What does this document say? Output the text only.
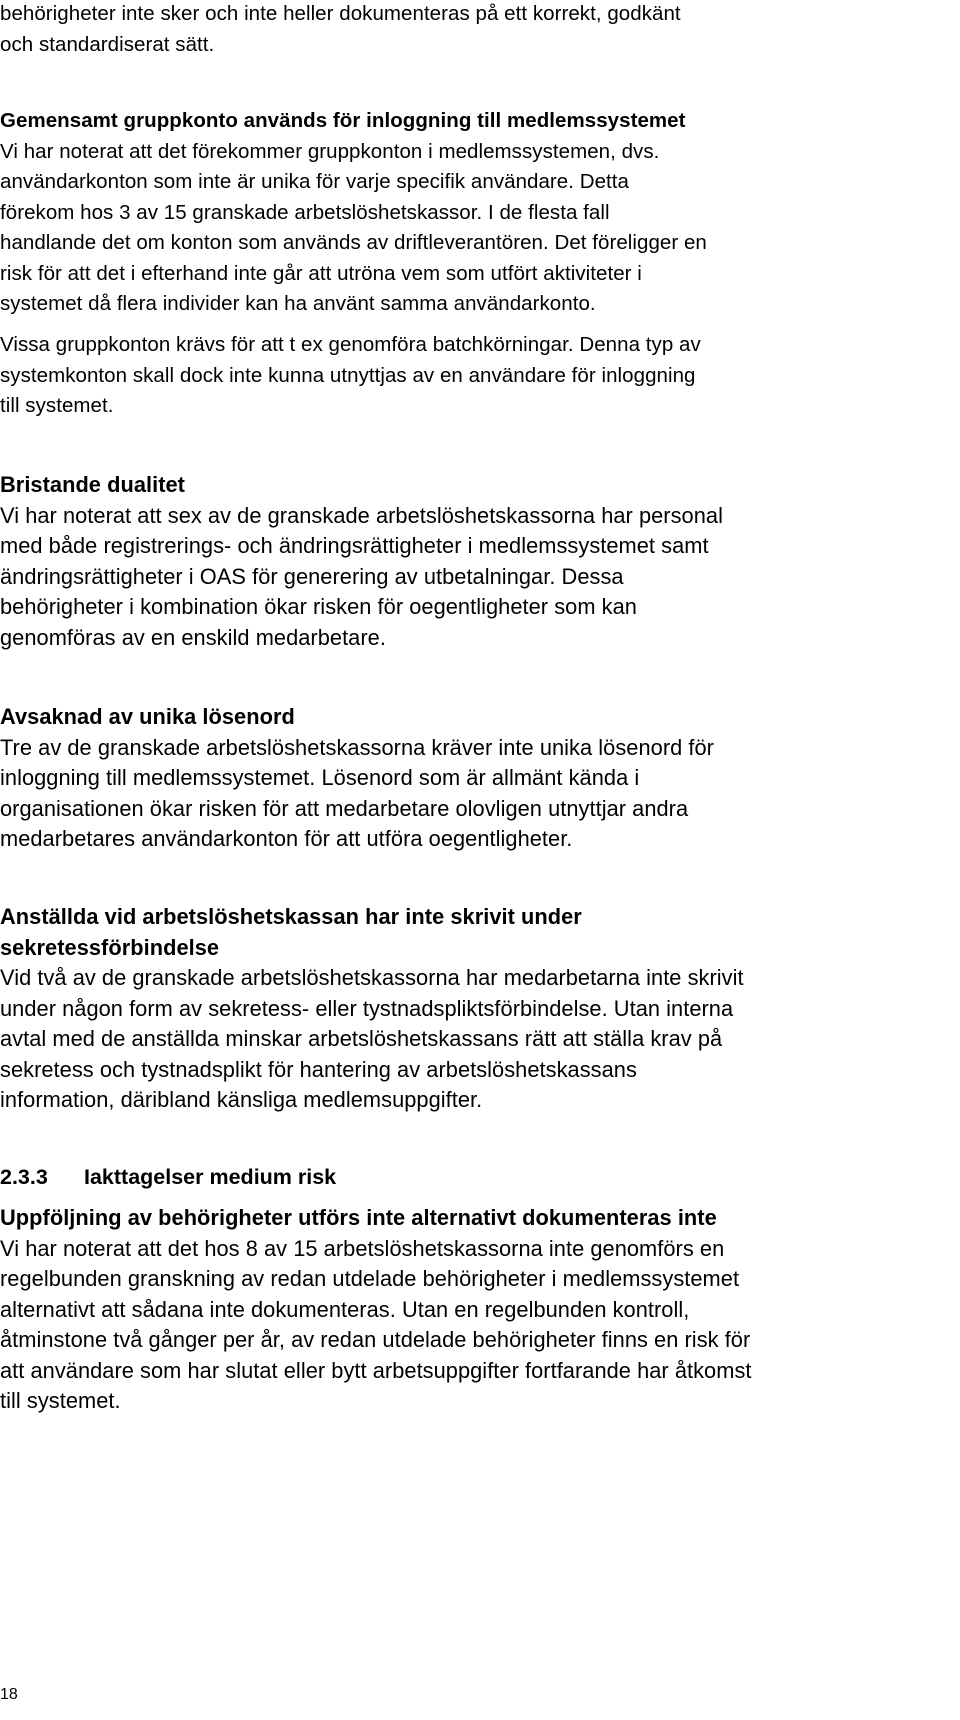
behörigheter inte sker och inte heller dokumenteras på ett korrekt, godkänt
och standardiserat sätt.

Gemensamt gruppkonto används för inloggning till medlemssystemet
Vi har noterat att det förekommer gruppkonton i medlemssystemen, dvs.
användarkonton som inte är unika för varje specifik användare. Detta
förekom hos 3 av 15 granskade arbetslöshetskassor. I de flesta fall
handlande det om konton som används av driftleverantören. Det föreligger en
risk för att det i efterhand inte går att utröna vem som utfört aktiviteter i
systemet då flera individer kan ha använt samma användarkonto.
Vissa gruppkonton krävs för att t ex genomföra batchkörningar. Denna typ av
systemkonton skall dock inte kunna utnyttjas av en användare för inloggning
till systemet.
Bristande dualitet
Vi har noterat att sex av de granskade arbetslöshetskassorna har personal
med både registrerings- och ändringsrättigheter i medlemssystemet samt
ändringsrättigheter i OAS för generering av utbetalningar. Dessa
behörigheter i kombination ökar risken för oegentligheter som kan
genomföras av en enskild medarbetare.
Avsaknad av unika lösenord
Tre av de granskade arbetslöshetskassorna kräver inte unika lösenord för
inloggning till medlemssystemet. Lösenord som är allmänt kända i
organisationen ökar risken för att medarbetare olovligen utnyttjar andra
medarbetares användarkonton för att utföra oegentligheter.
Anställda vid arbetslöshetskassan har inte skrivit under
sekretessförbindelse
Vid två av de granskade arbetslöshetskassorna har medarbetarna inte skrivit
under någon form av sekretess- eller tystnadspliktsförbindelse. Utan interna
avtal med de anställda minskar arbetslöshetskassans rätt att ställa krav på
sekretess och tystnadsplikt för hantering av arbetslöshetskassans
information, däribland känsliga medlemsuppgifter.
2.3.3 Iakttagelser medium risk
Uppföljning av behörigheter utförs inte alternativt dokumenteras inte
Vi har noterat att det hos 8 av 15 arbetslöshetskassorna inte genomförs en
regelbunden granskning av redan utdelade behörigheter i medlemssystemet
alternativt att sådana inte dokumenteras. Utan en regelbunden kontroll,
åtminstone två gånger per år, av redan utdelade behörigheter finns en risk för
att användare som har slutat eller bytt arbetsuppgifter fortfarande har åtkomst
till systemet.
18
